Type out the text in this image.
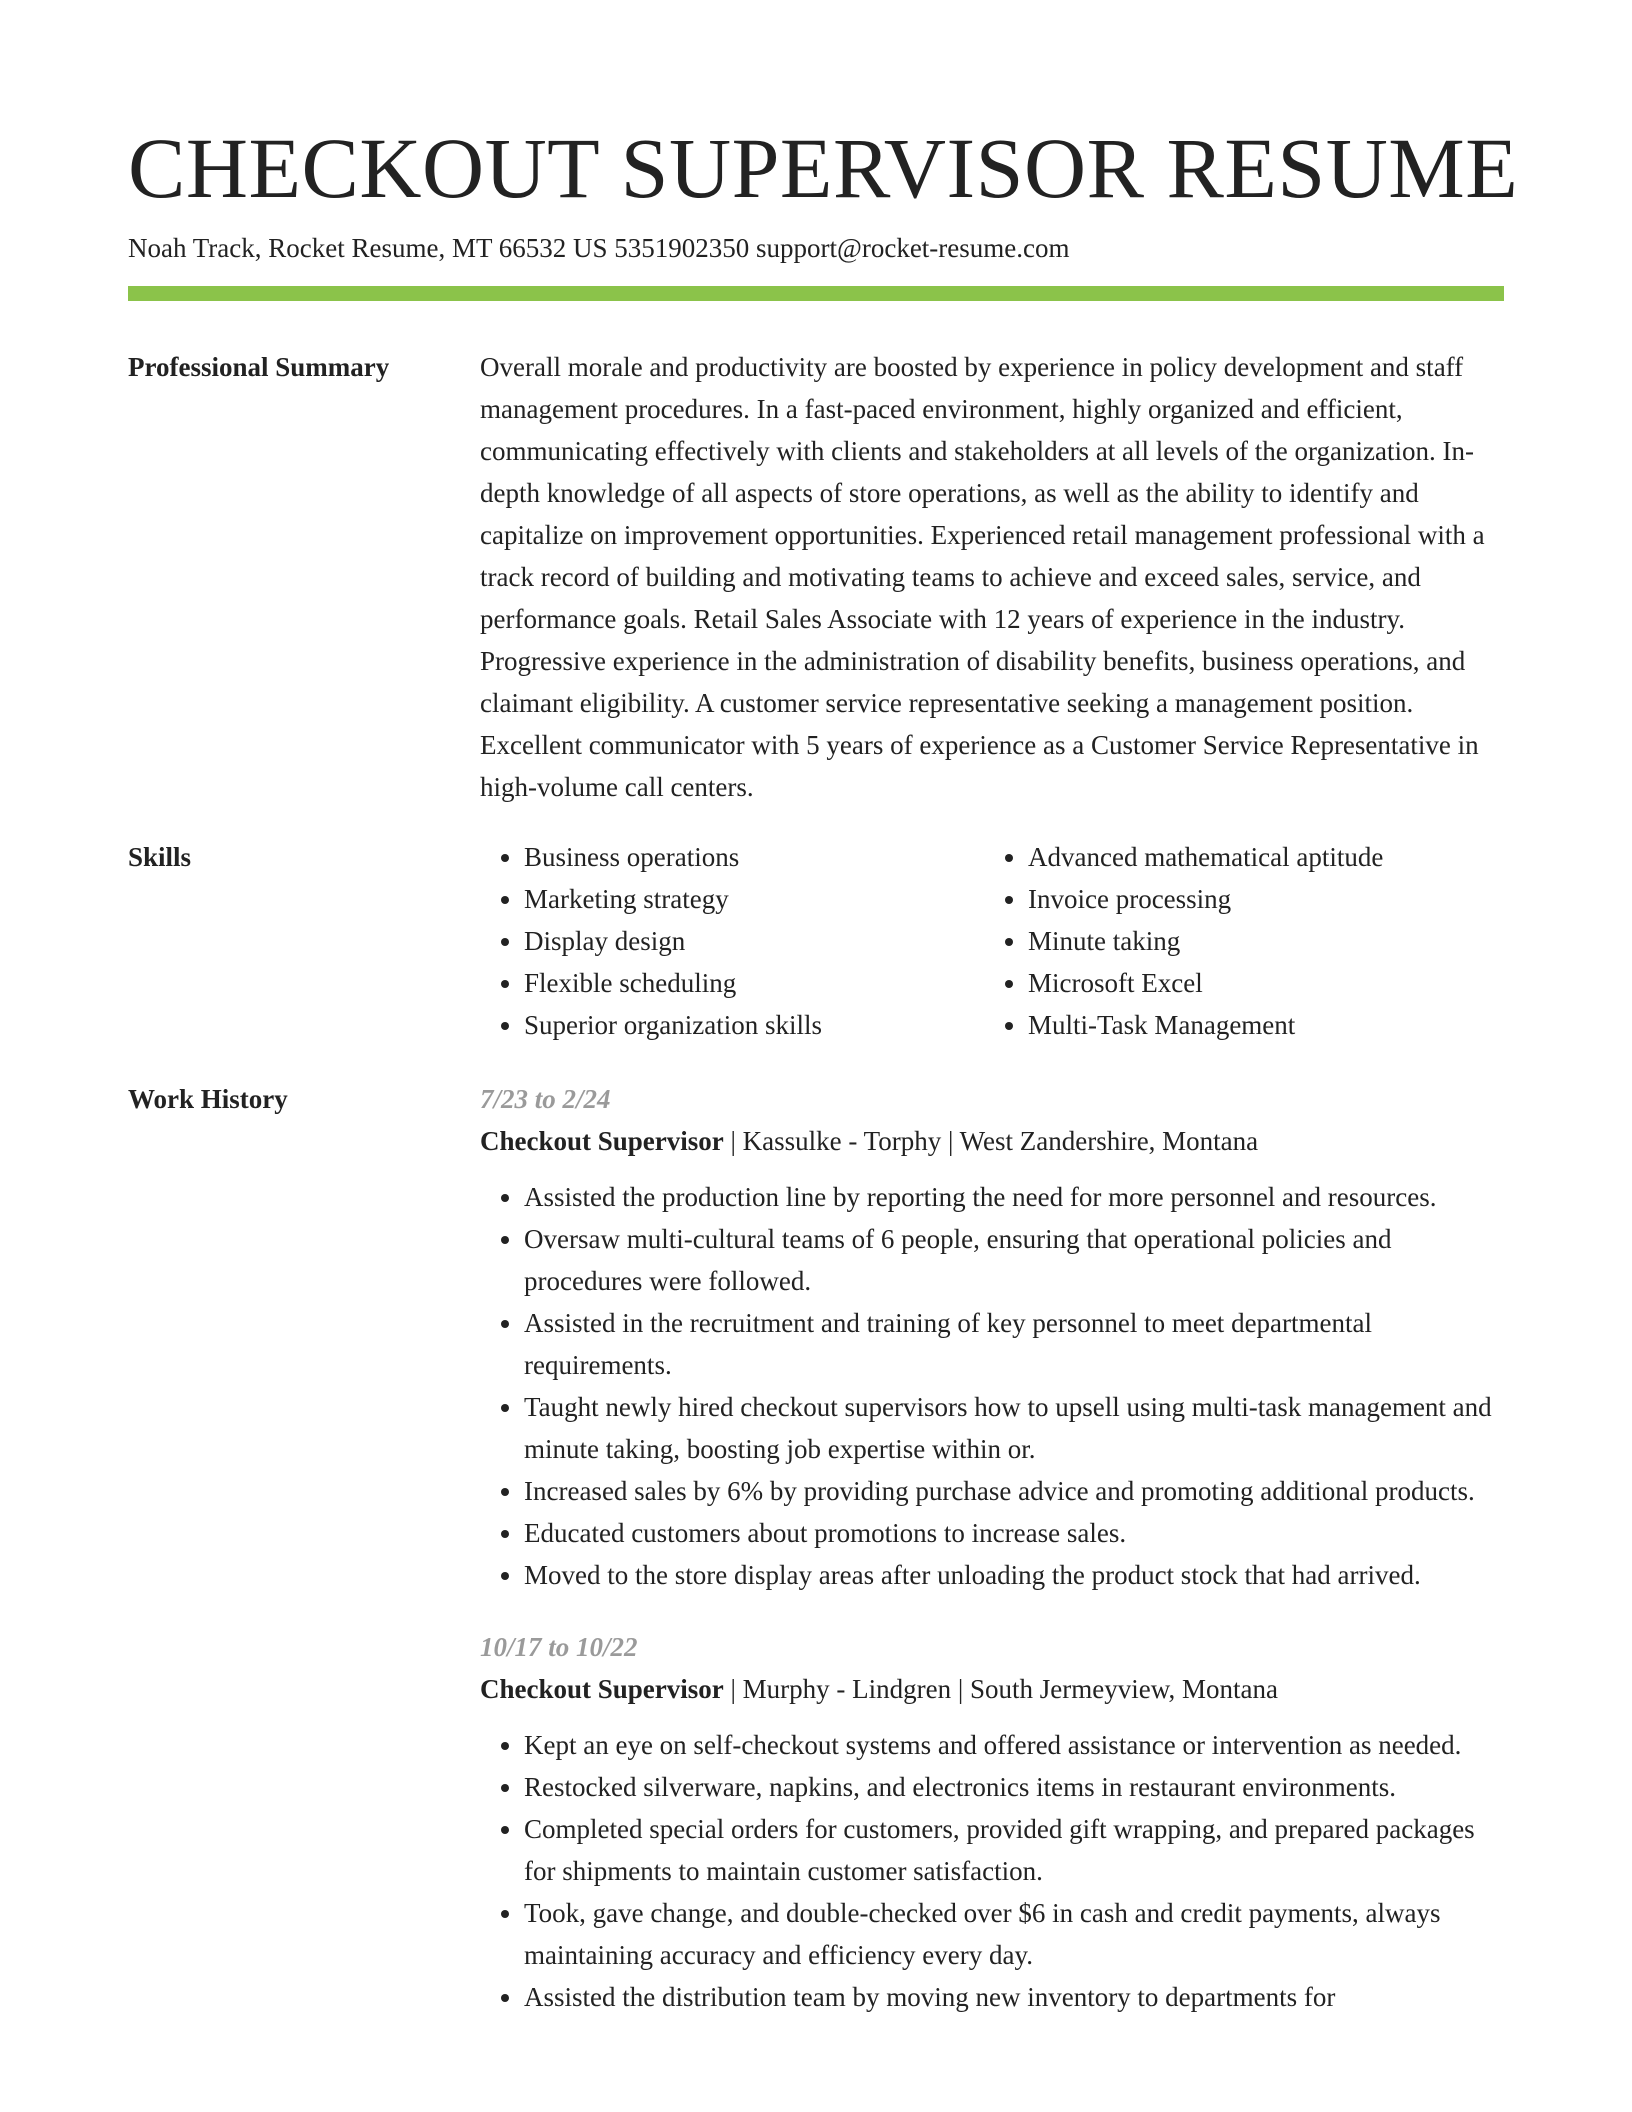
CHECKOUT SUPERVISOR RESUME
Noah Track, Rocket Resume, MT 66532 US 5351902350 support@rocket-resume.com
Professional Summary	Overall morale and productivity are boosted by experience in policy development and staff management procedures. In a fast-paced environment, highly organized and efficient, communicating effectively with clients and stakeholders at all levels of the organization. In-depth knowledge of all aspects of store operations, as well as the ability to identify and capitalize on improvement opportunities. Experienced retail management professional with a track record of building and motivating teams to achieve and exceed sales, service, and performance goals. Retail Sales Associate with 12 years of experience in the industry. Progressive experience in the administration of disability benefits, business operations, and claimant eligibility. A customer service representative seeking a management position. Excellent communicator with 5 years of experience as a Customer Service Representative in high-volume call centers.

Skills
•	Business operations
• Marketing strategy
• Display design
• Flexible scheduling
• Superior organization skills
• Advanced mathematical aptitude
• Invoice processing
• Minute taking
• Microsoft Excel
• Multi-Task Management
Work History	7/23 to 2/24
Checkout Supervisor | Kassulke - Torphy | West Zandershire, Montana
• Assisted the production line by reporting the need for more personnel and resources.
• Oversaw multi-cultural teams of 6 people, ensuring that operational policies and procedures were followed.
• Assisted in the recruitment and training of key personnel to meet departmental requirements.
• Taught newly hired checkout supervisors how to upsell using multi-task management and minute taking, boosting job expertise within or.
• Increased sales by 6% by providing purchase advice and promoting additional products.
• Educated customers about promotions to increase sales.
• Moved to the store display areas after unloading the product stock that had arrived.
10/17 to 10/22
Checkout Supervisor | Murphy - Lindgren | South Jermeyview, Montana
• Kept an eye on self-checkout systems and offered assistance or intervention as needed.
• Restocked silverware, napkins, and electronics items in restaurant environments.
• Completed special orders for customers, provided gift wrapping, and prepared packages for shipments to maintain customer satisfaction.
• Took, gave change, and double-checked over $6 in cash and credit payments, always maintaining accuracy and efficiency every day.
• Assisted the distribution team by moving new inventory to departments for
